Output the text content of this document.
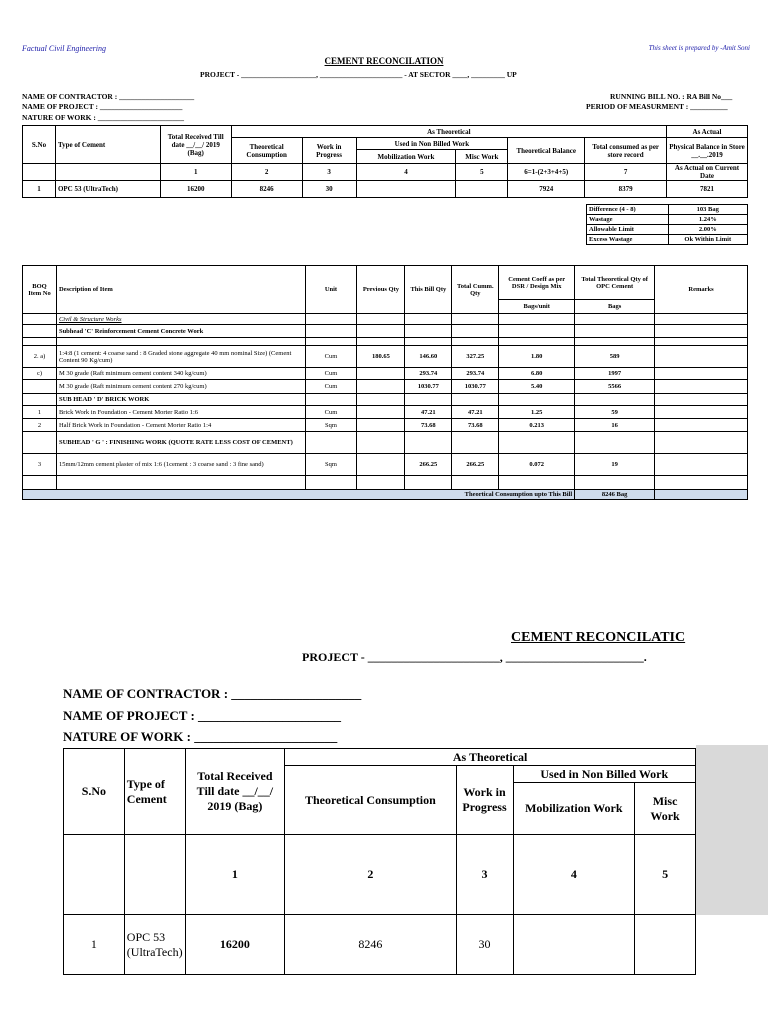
Factual Civil Engineering	This sheet is prepared by -Amit Soni
CEMENT RECONCILATION
PROJECT - ____________________, ______________________ - AT SECTOR ____, _________ UP
NAME OF CONTRACTOR : ____________________
NAME OF PROJECT : ______________________
NATURE OF WORK : _______________________
RUNNING BILL NO. : RA Bill No___
PERIOD OF MEASURMENT : __________
S.No	Type of Cement	Total Received Till date __/__/ 2019 (Bag)	As Theoretical						As Actual
			Theoretical Consumption	Work in Progress	Used in Non Billed Work		Theoretical Balance	Total consumed as per store record	Physical Balance in Store __.__.2019
					Mobilization Work	Misc Work			
		1	2	3	4	5	6=1-(2+3+4+5)	7	As Actual on Current Date
1	OPC 53 (UltraTech)	16200	8246	30			7924	8379	7821
Difference (4 - 8)	103 Bag
Wastage	1.24%
Allowable Limit	2.00%
Excess Wastage	Ok Within Limit
BOQ Item No	Description of Item	Unit	Previous Qty	This Bill Qty	Total Cumm. Qty	Cement Coeff as per DSR / Design Mix	Total Theoretical Qty of OPC Cement	Remarks
						Bags/unit	Bags	
	Civil & Structure Works							
	Subhead 'C' Reinforcement Cement Concrete Work							

2. a)	1:4:8 (1 cement: 4 coarse sand : 8 Graded stone aggregate 40 mm nominal Size) (Cement Content 90 Kg/cum)	Cum	180.65	146.60	327.25	1.80	589	
c)	M 30 grade (Raft minimum cement content 340 kg/cum)	Cum		293.74	293.74	6.80	1997	
	M 30 grade (Raft minimum cement content 270 kg/cum)	Cum		1030.77	1030.77	5.40	5566	
	SUB HEAD ' D' BRICK WORK							
1	Brick Work in Foundation - Cement Morter Ratio 1:6	Cum		47.21	47.21	1.25	59	
2	Half Brick Work in Foundation - Cement Morter Ratio 1:4	Sqm		73.68	73.68	0.213	16	
	SUBHEAD ' G ' : FINISHING WORK (QUOTE RATE LESS COST OF CEMENT)							
3	15mm/12mm cement plaster of mix 1:6 (1cement : 3 coarse sand : 3 fine sand)	Sqm		266.25	266.25	0.072	19	

Theortical Consumption upto This Bill							8246 Bag	
CEMENT RECONCILATIC
PROJECT - ______________________, _______________________.
NAME OF CONTRACTOR : ____________________
NAME OF PROJECT : ______________________
NATURE OF WORK : ______________________
S.No	Type of Cement	Total Received Till date __/__/ 2019 (Bag)	As Theoretical			
			Theoretical Consumption	Work in Progress	Used in Non Billed Work	
					Mobilization Work	Misc Work
		1	2	3	4	5
1	OPC 53 (UltraTech)	16200	8246	30		
